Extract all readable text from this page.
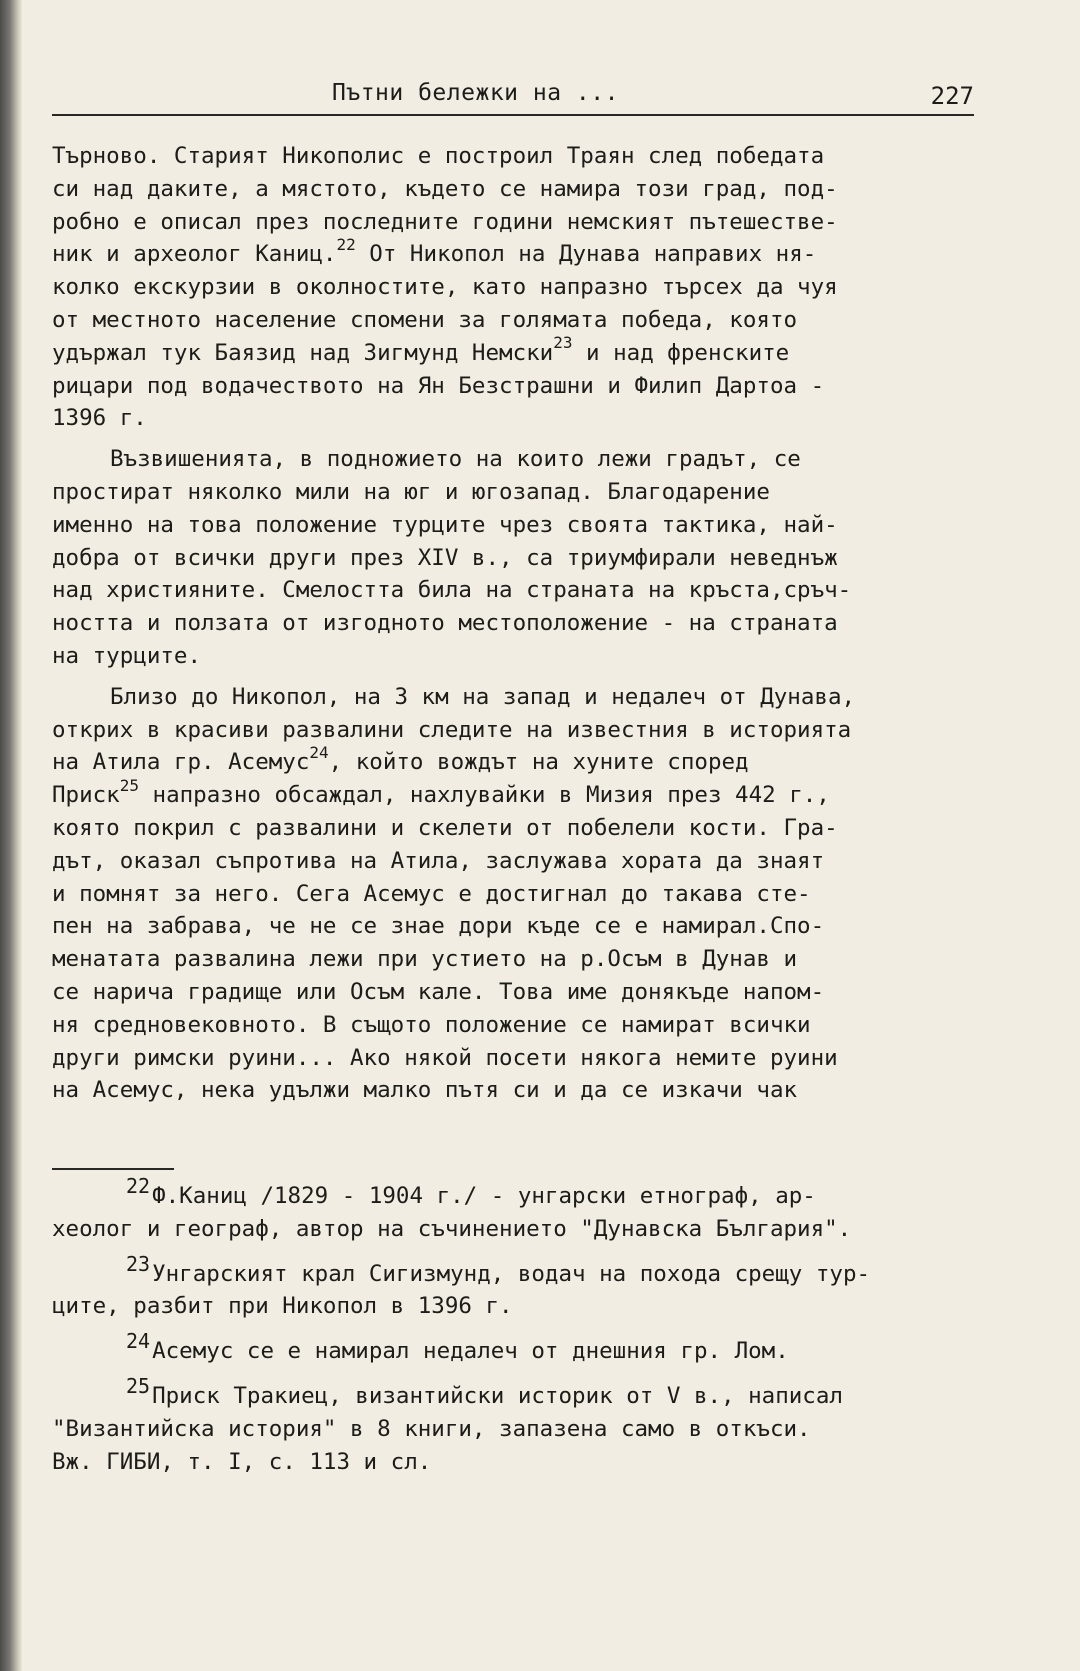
Пътни бележки на ...	227
Търново. Старият Никополис е построил Траян след победата
си над даките, а мястото, където се намира този град, под-
робно е описал през последните години немският пътешестве-
ник и археолог Каниц.$^{22}$ От Никопол на Дунава направих ня-
колко екскурзии в околностите, като напразно търсех да чуя
от местното население спомени за голямата победа, която
удържал тук Баязид над Зигмунд Немски$^{23}$ и над френските
рицари под водачеството на Ян Безстрашни и Филип Дартоа -
1396 г.
Възвишенията, в подножието на които лежи градът, се
простират няколко мили на юг и югозапад. Благодарение
именно на това положение турците чрез своята тактика, най-
добра от всички други през XIV в., са триумфирали неведнъж
над християните. Смелостта била на страната на кръста,сръч-
ността и ползата от изгодното местоположение - на страната
на турците.
Близо до Никопол, на 3 км на запад и недалеч от Дунава,
открих в красиви развалини следите на известния в историята
на Атила гр. Асемус$^{24}$, който вождът на хуните според
Приск$^{25}$ напразно обсаждал, нахлувайки в Мизия през 442 г.,
която покрил с развалини и скелети от побелели кости. Гра-
дът, оказал съпротива на Атила, заслужава хората да знаят
и помнят за него. Сега Асемус е достигнал до такава сте-
пен на забрава, че не се знае дори къде се е намирал.Спо-
менатата развалина лежи при устието на р.Осъм в Дунав и
се нарича градище или Осъм кале. Това име донякъде напом-
ня средновековното. В същото положение се намират всички
други римски руини... Ако някой посети някога немите руини
на Асемус, нека удължи малко пътя си и да се изкачи чак
22Ф.Каниц /1829 - 1904 г./ - унгарски етнограф, ар-
хеолог и географ, автор на съчинението "Дунавска България".
23Унгарският крал Сигизмунд, водач на похода срещу тур-
ците, разбит при Никопол в 1396 г.
24Асемус се е намирал недалеч от днешния гр. Лом.
25Приск Тракиец, византийски историк от V в., написал
"Византийска история" в 8 книги, запазена само в откъси.
Вж. ГИБИ, т. I, с. 113 и сл.
